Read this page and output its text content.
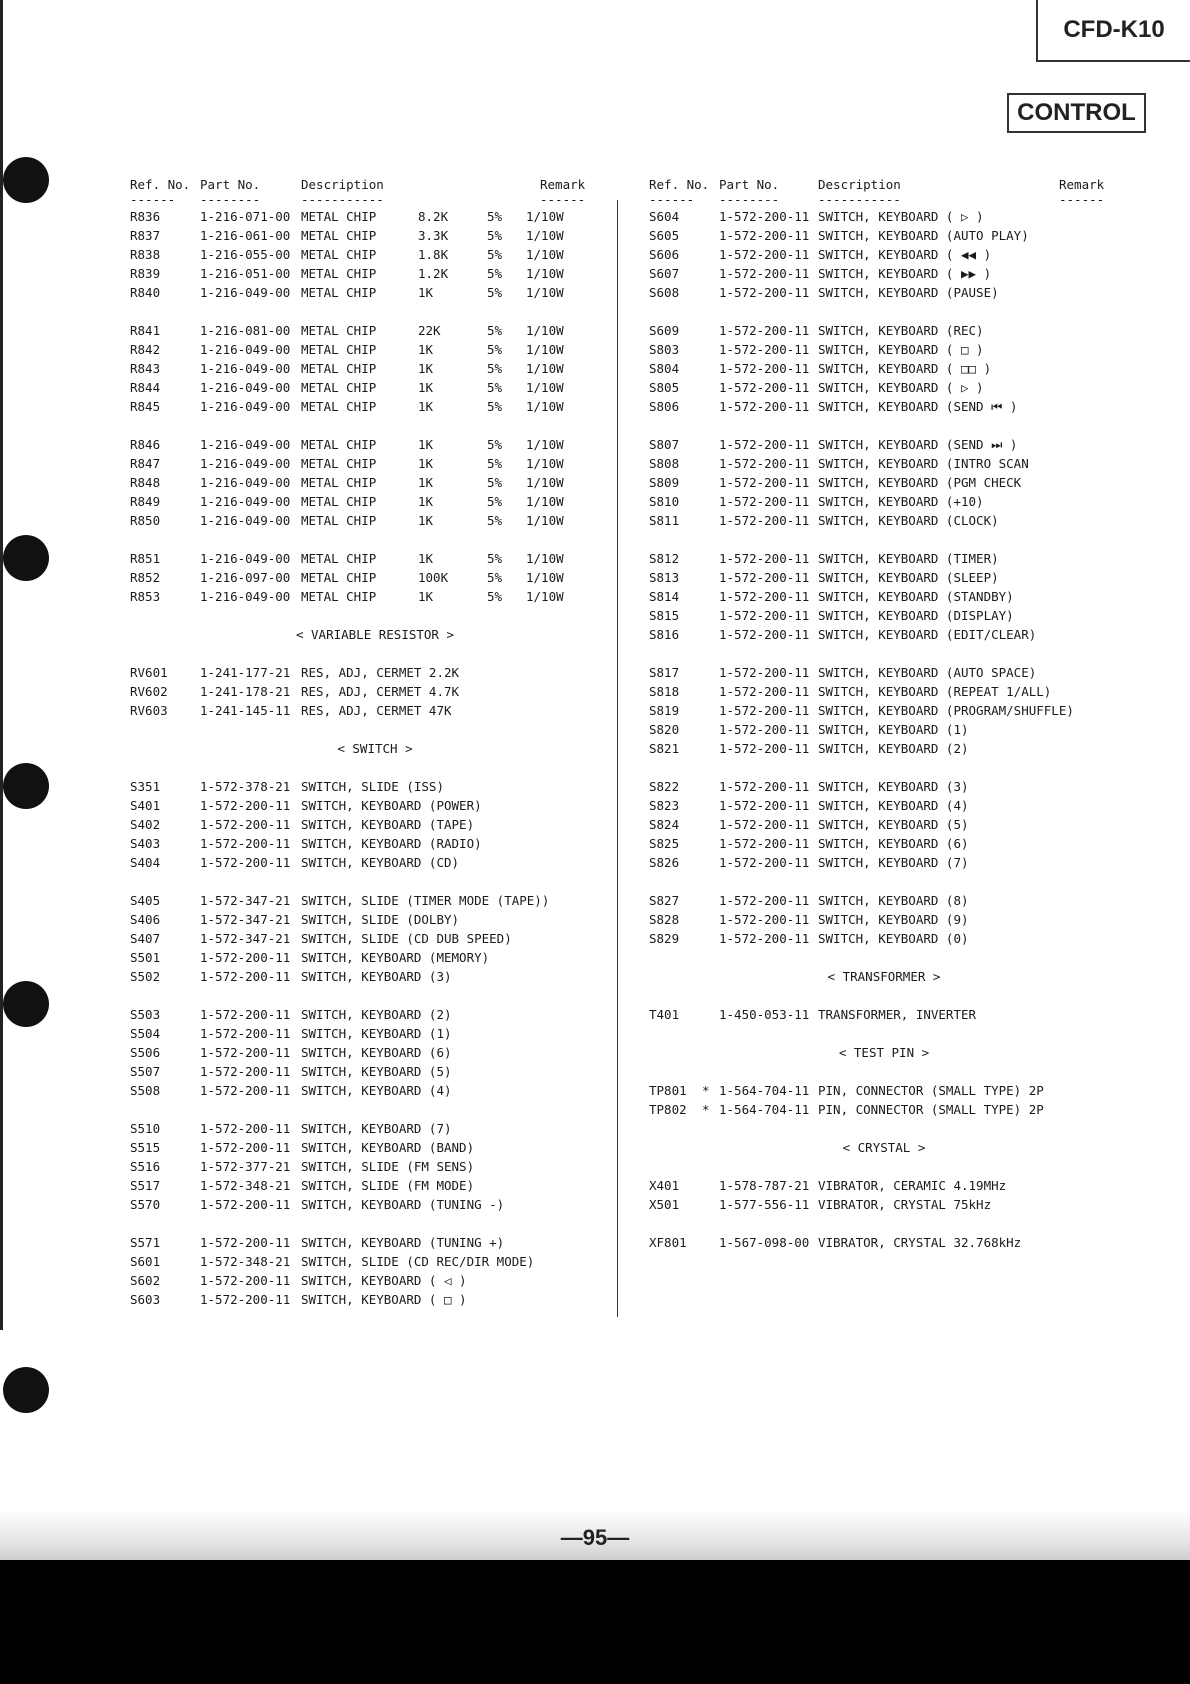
CFD-K10
CONTROL
Ref. No. Part No.	Description	Remark
------ --------	-----------	------
R836	1-216-071-00 METAL CHIP	8.2K	5% 1/10W
R837	1-216-061-00 METAL CHIP	3.3K	5% 1/10W
R838	1-216-055-00 METAL CHIP	1.8K	5% 1/10W
R839	1-216-051-00 METAL CHIP	1.2K	5% 1/10W
R840	1-216-049-00 METAL CHIP	1K	5% 1/10W
R841	1-216-081-00 METAL CHIP	22K	5% 1/10W
R842	1-216-049-00 METAL CHIP	1K	5% 1/10W
R843	1-216-049-00 METAL CHIP	1K	5% 1/10W
R844	1-216-049-00 METAL CHIP	1K	5% 1/10W
R845	1-216-049-00 METAL CHIP	1K	5% 1/10W
R846	1-216-049-00 METAL CHIP	1K	5% 1/10W
R847	1-216-049-00 METAL CHIP	1K	5% 1/10W
R848	1-216-049-00 METAL CHIP	1K	5% 1/10W
R849	1-216-049-00 METAL CHIP	1K	5% 1/10W
R850	1-216-049-00 METAL CHIP	1K	5% 1/10W
R851	1-216-049-00 METAL CHIP	1K	5% 1/10W
R852	1-216-097-00 METAL CHIP	100K	5% 1/10W
R853	1-216-049-00 METAL CHIP	1K	5% 1/10W
< VARIABLE RESISTOR >
RV601	1-241-177-21 RES, ADJ, CERMET 2.2K
RV602	1-241-178-21 RES, ADJ, CERMET 4.7K
RV603	1-241-145-11 RES, ADJ, CERMET 47K
< SWITCH >
S351	1-572-378-21 SWITCH, SLIDE (ISS)
S401	1-572-200-11 SWITCH, KEYBOARD (POWER)
S402	1-572-200-11 SWITCH, KEYBOARD (TAPE)
S403	1-572-200-11 SWITCH, KEYBOARD (RADIO)
S404	1-572-200-11 SWITCH, KEYBOARD (CD)
S405	1-572-347-21 SWITCH, SLIDE (TIMER MODE (TAPE))
S406	1-572-347-21 SWITCH, SLIDE (DOLBY)
S407	1-572-347-21 SWITCH, SLIDE (CD DUB SPEED)
S501	1-572-200-11 SWITCH, KEYBOARD (MEMORY)
S502	1-572-200-11 SWITCH, KEYBOARD (3)
S503	1-572-200-11 SWITCH, KEYBOARD (2)
S504	1-572-200-11 SWITCH, KEYBOARD (1)
S506	1-572-200-11 SWITCH, KEYBOARD (6)
S507	1-572-200-11 SWITCH, KEYBOARD (5)
S508	1-572-200-11 SWITCH, KEYBOARD (4)
S510	1-572-200-11 SWITCH, KEYBOARD (7)
S515	1-572-200-11 SWITCH, KEYBOARD (BAND)
S516	1-572-377-21 SWITCH, SLIDE (FM SENS)
S517	1-572-348-21 SWITCH, SLIDE (FM MODE)
S570	1-572-200-11 SWITCH, KEYBOARD (TUNING -)
S571	1-572-200-11 SWITCH, KEYBOARD (TUNING +)
S601	1-572-348-21 SWITCH, SLIDE (CD REC/DIR MODE)
S602	1-572-200-11 SWITCH, KEYBOARD ( ◁ )
S603	1-572-200-11 SWITCH, KEYBOARD ( □ )
Ref. No. Part No.	Description	Remark
------ --------	-----------	------
S604	1-572-200-11 SWITCH, KEYBOARD ( ▷ )
S605	1-572-200-11 SWITCH, KEYBOARD (AUTO PLAY)
S606	1-572-200-11 SWITCH, KEYBOARD ( ◀◀ )
S607	1-572-200-11 SWITCH, KEYBOARD ( ▶▶ )
S608	1-572-200-11 SWITCH, KEYBOARD (PAUSE)
S609	1-572-200-11 SWITCH, KEYBOARD (REC)
S803	1-572-200-11 SWITCH, KEYBOARD ( □ )
S804	1-572-200-11 SWITCH, KEYBOARD ( □□ )
S805	1-572-200-11 SWITCH, KEYBOARD ( ▷ )
S806	1-572-200-11 SWITCH, KEYBOARD (SEND ⏮ )
S807	1-572-200-11 SWITCH, KEYBOARD (SEND ⏭ )
S808	1-572-200-11 SWITCH, KEYBOARD (INTRO SCAN
S809	1-572-200-11 SWITCH, KEYBOARD (PGM CHECK
S810	1-572-200-11 SWITCH, KEYBOARD (+10)
S811	1-572-200-11 SWITCH, KEYBOARD (CLOCK)
S812	1-572-200-11 SWITCH, KEYBOARD (TIMER)
S813	1-572-200-11 SWITCH, KEYBOARD (SLEEP)
S814	1-572-200-11 SWITCH, KEYBOARD (STANDBY)
S815	1-572-200-11 SWITCH, KEYBOARD (DISPLAY)
S816	1-572-200-11 SWITCH, KEYBOARD (EDIT/CLEAR)
S817	1-572-200-11 SWITCH, KEYBOARD (AUTO SPACE)
S818	1-572-200-11 SWITCH, KEYBOARD (REPEAT 1/ALL)
S819	1-572-200-11 SWITCH, KEYBOARD (PROGRAM/SHUFFLE)
S820	1-572-200-11 SWITCH, KEYBOARD (1)
S821	1-572-200-11 SWITCH, KEYBOARD (2)
S822	1-572-200-11 SWITCH, KEYBOARD (3)
S823	1-572-200-11 SWITCH, KEYBOARD (4)
S824	1-572-200-11 SWITCH, KEYBOARD (5)
S825	1-572-200-11 SWITCH, KEYBOARD (6)
S826	1-572-200-11 SWITCH, KEYBOARD (7)
S827	1-572-200-11 SWITCH, KEYBOARD (8)
S828	1-572-200-11 SWITCH, KEYBOARD (9)
S829	1-572-200-11 SWITCH, KEYBOARD (0)
< TRANSFORMER >
T401	1-450-053-11 TRANSFORMER, INVERTER
< TEST PIN >
TP801 * 1-564-704-11 PIN, CONNECTOR (SMALL TYPE) 2P
TP802 * 1-564-704-11 PIN, CONNECTOR (SMALL TYPE) 2P
< CRYSTAL >
X401	1-578-787-21 VIBRATOR, CERAMIC 4.19MHz
X501	1-577-556-11 VIBRATOR, CRYSTAL 75kHz
XF801	1-567-098-00 VIBRATOR, CRYSTAL 32.768kHz
—95—
